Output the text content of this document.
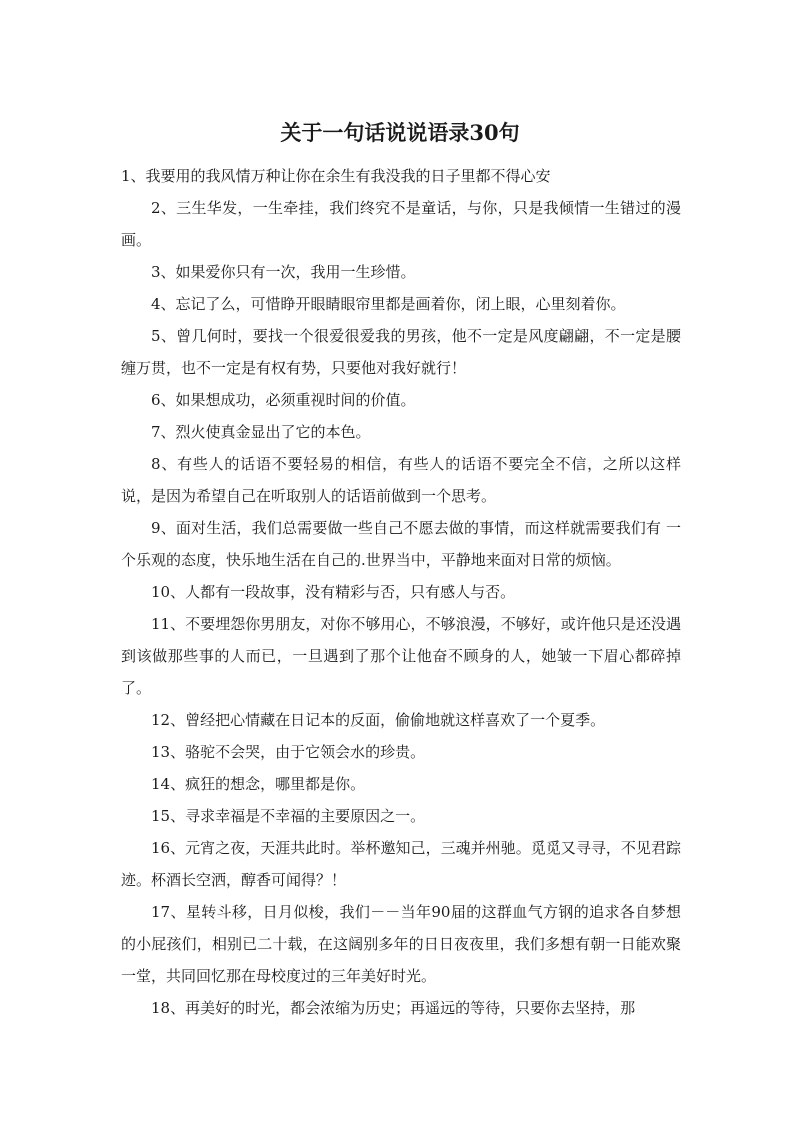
关于一句话说说语录30句

1、我要用的我风情万种让你在余生有我没我的日子里都不得心安

2、三生华发，一生牵挂，我们终究不是童话，与你，只是我倾情一生错过的漫画。

3、如果爱你只有一次，我用一生珍惜。

4、忘记了么，可惜睁开眼睛眼帘里都是画着你，闭上眼，心里刻着你。

5、曾几何时，要找一个很爱很爱我的男孩，他不一定是风度翩翩，不一定是腰缠万贯，也不一定是有权有势，只要他对我好就行！

6、如果想成功，必须重视时间的价值。

7、烈火使真金显出了它的本色。

8、有些人的话语不要轻易的相信，有些人的话语不要完全不信，之所以这样说，是因为希望自己在听取别人的话语前做到一个思考。

9、面对生活，我们总需要做一些自己不愿去做的事情，而这样就需要我们有 一个乐观的态度，快乐地生活在自己的.世界当中，平静地来面对日常的烦恼。

10、人都有一段故事，没有精彩与否，只有感人与否。

11、不要埋怨你男朋友，对你不够用心，不够浪漫，不够好，或许他只是还没遇到该做那些事的人而已，一旦遇到了那个让他奋不顾身的人，她皱一下眉心都碎掉了。

12、曾经把心情藏在日记本的反面，偷偷地就这样喜欢了一个夏季。

13、骆驼不会哭，由于它领会水的珍贵。

14、疯狂的想念，哪里都是你。

15、寻求幸福是不幸福的主要原因之一。

16、元宵之夜，天涯共此时。举杯邀知己，三魂并州驰。觅觅又寻寻，不见君踪迹。杯酒长空洒，醇香可闻得？！

17、星转斗移，日月似梭，我们－－当年90届的这群血气方钢的追求各自梦想的小屁孩们，相别已二十载，在这阔别多年的日日夜夜里，我们多想有朝一日能欢聚一堂，共同回忆那在母校度过的三年美好时光。

18、再美好的时光，都会浓缩为历史；再遥远的等待，只要你去坚持，那
